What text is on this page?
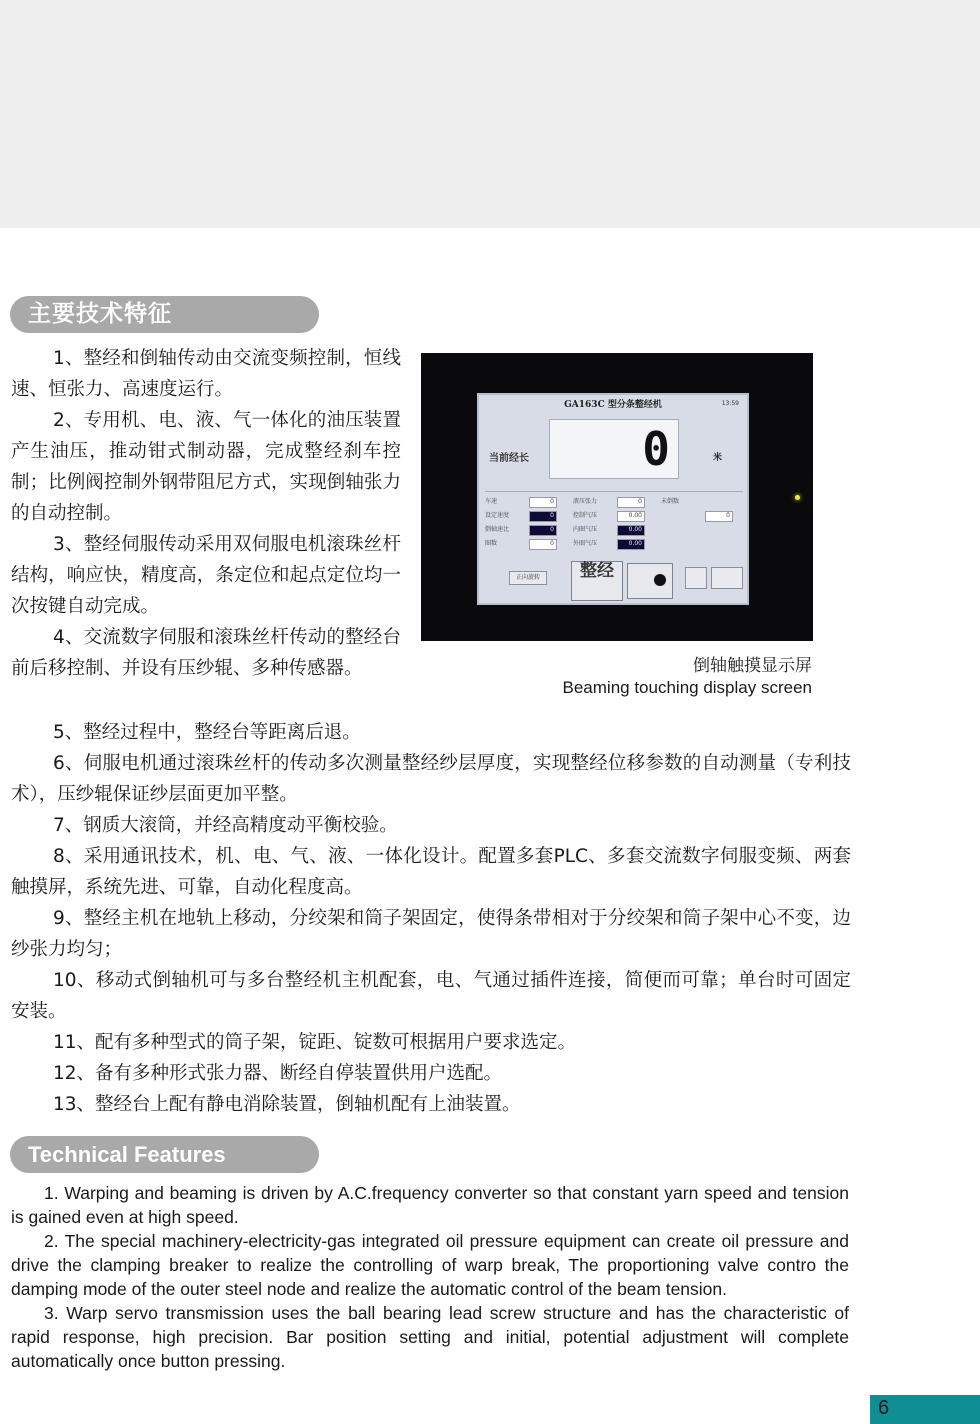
主要技术特征

1、整经和倒轴传动由交流变频控制，恒线速、恒张力、高速度运行。

2、专用机、电、液、气一体化的油压装置产生油压，推动钳式制动器，完成整经刹车控制；比例阀控制外钢带阻尼方式，实现倒轴张力的自动控制。

3、整经伺服传动采用双伺服电机滚珠丝杆结构，响应快，精度高，条定位和起点定位均一次按键自动完成。

4、交流数字伺服和滚珠丝杆传动的整经台前后移控制、并设有压纱辊、多种传感器。

GA163C 型分条整经机	13:59
当前经长 0	米
车速	0
设定速度	0
倒轴速比	0
圈数	0
液压张力	0
控制气压	0.00
内圈气压	0.00
外圈气压	0.00
未倒数
0
正向旋转	整经
倒轴触摸显示屏
Beaming touching display screen

5、整经过程中，整经台等距离后退。

6、伺服电机通过滚珠丝杆的传动多次测量整经纱层厚度，实现整经位移参数的自动测量（专利技术），压纱辊保证纱层面更加平整。

7、钢质大滚筒，并经高精度动平衡校验。

8、采用通讯技术，机、电、气、液、一体化设计。配置多套PLC、多套交流数字伺服变频、两套触摸屏，系统先进、可靠，自动化程度高。

9、整经主机在地轨上移动，分绞架和筒子架固定，使得条带相对于分绞架和筒子架中心不变，边纱张力均匀；

10、移动式倒轴机可与多台整经机主机配套，电、气通过插件连接，简便而可靠；单台时可固定安装。

11、配有多种型式的筒子架，锭距、锭数可根据用户要求选定。

12、备有多种形式张力器、断经自停装置供用户选配。

13、整经台上配有静电消除装置，倒轴机配有上油装置。

Technical Features

1. Warping and beaming is driven by A.C.frequency converter so that constant yarn speed and tension is gained even at high speed.

2. The special machinery-electricity-gas integrated oil pressure equipment can create oil pressure and drive the clamping breaker to realize the controlling of warp break, The proportioning valve contro the damping mode of the outer steel node and realize the automatic control of the beam tension.

3. Warp servo transmission uses the ball bearing lead screw structure and has the characteristic of rapid response, high precision. Bar position setting and initial, potential adjustment will complete automatically once button pressing.

6
